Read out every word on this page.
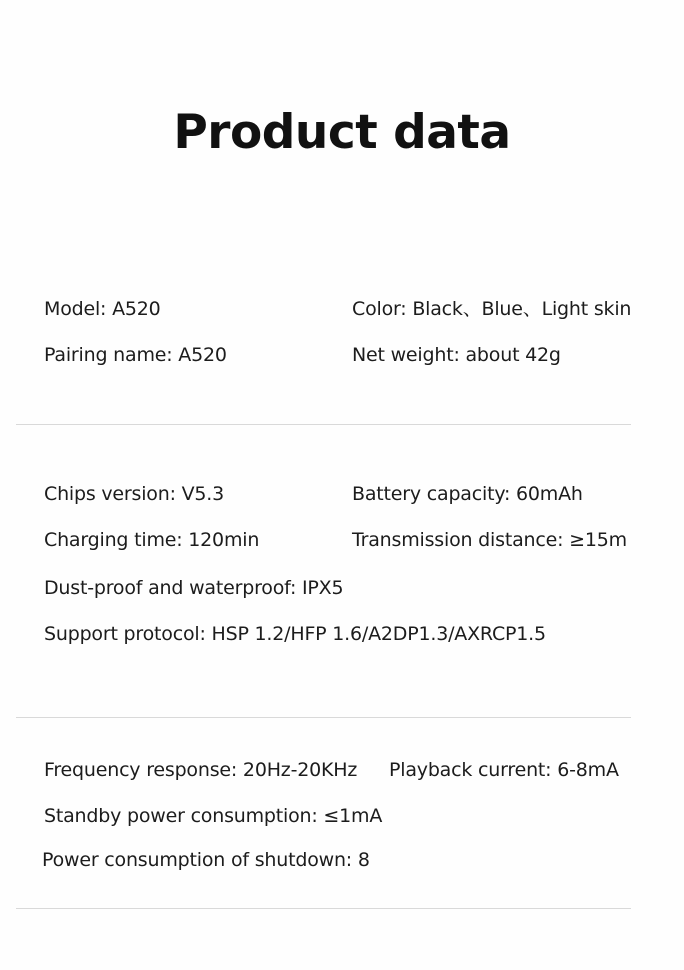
Product data
Model: A520	Color: Black、Blue、Light skin
Pairing name: A520	Net weight: about 42g
Chips version: V5.3	Battery capacity: 60mAh
Charging time: 120min	Transmission distance: ≥15m
Dust-proof and waterproof: IPX5
Support protocol: HSP 1.2/HFP 1.6/A2DP1.3/AXRCP1.5
Frequency response: 20Hz-20KHz Playback current: 6-8mA
Standby power consumption: ≤1mA
Power consumption of shutdown: 8
